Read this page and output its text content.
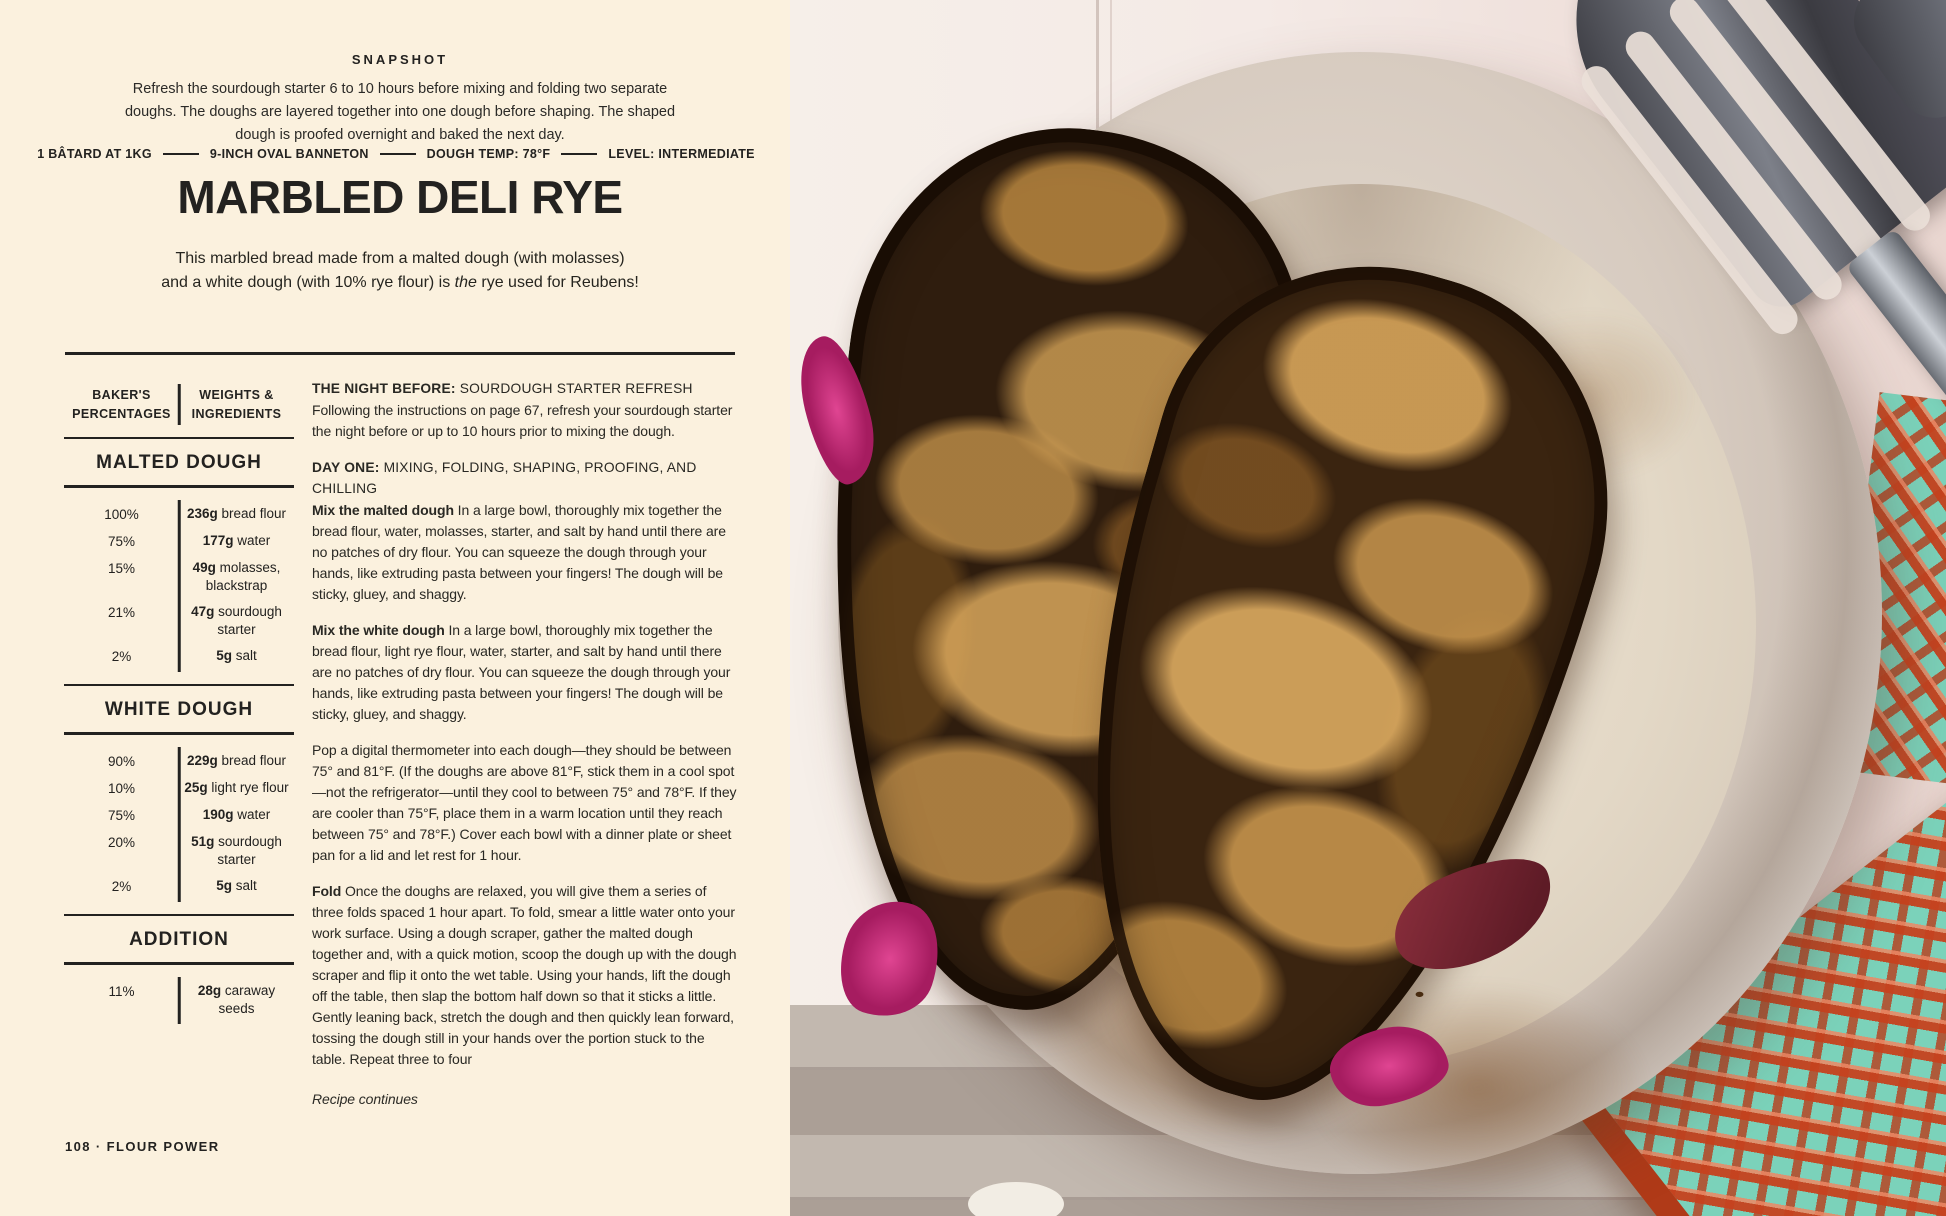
SNAPSHOT

Refresh the sourdough starter 6 to 10 hours before mixing and folding two separate doughs. The doughs are layered together into one dough before shaping. The shaped dough is proofed overnight and baked the next day.

1 BÂTARD AT 1KG	9-INCH OVAL BANNETON	DOUGH TEMP: 78°F	LEVEL: INTERMEDIATE
MARBLED DELI RYE

This marbled bread made from a malted dough (with molasses)
and a white dough (with 10% rye flour) is the rye used for Reubens!

BAKER'S PERCENTAGES
WEIGHTS & INGREDIENTS
MALTED DOUGH
100%	236g bread flour
75%	177g water
15%	49g molasses, blackstrap
21%	47g sourdough starter
2%	5g salt
WHITE DOUGH
90%	229g bread flour
10%	25g light rye flour
75%	190g water
20%	51g sourdough starter
2%	5g salt
ADDITION
11%	28g caraway seeds
THE NIGHT BEFORE: SOURDOUGH STARTER REFRESH
Following the instructions on page 67, refresh your sourdough starter the night before or up to 10 hours prior to mixing the dough.
DAY ONE: MIXING, FOLDING, SHAPING, PROOFING, AND CHILLING
Mix the malted dough In a large bowl, thoroughly mix together the bread flour, water, molasses, starter, and salt by hand until there are no patches of dry flour. You can squeeze the dough through your hands, like extruding pasta between your fingers! The dough will be sticky, gluey, and shaggy.
Mix the white dough In a large bowl, thoroughly mix together the bread flour, light rye flour, water, starter, and salt by hand until there are no patches of dry flour. You can squeeze the dough through your hands, like extruding pasta between your fingers! The dough will be sticky, gluey, and shaggy.
Pop a digital thermometer into each dough—they should be between 75° and 81°F. (If the doughs are above 81°F, stick them in a cool spot—not the refrigerator—until they cool to between 75° and 78°F. If they are cooler than 75°F, place them in a warm location until they reach between 75° and 78°F.) Cover each bowl with a dinner plate or sheet pan for a lid and let rest for 1 hour.
Fold Once the doughs are relaxed, you will give them a series of three folds spaced 1 hour apart. To fold, smear a little water onto your work surface. Using a dough scraper, gather the malted dough together and, with a quick motion, scoop the dough up with the dough scraper and flip it onto the wet table. Using your hands, lift the dough off the table, then slap the bottom half down so that it sticks a little. Gently leaning back, stretch the dough and then quickly lean forward, tossing the dough still in your hands over the portion stuck to the table. Repeat three to four
Recipe continues
108 · FLOUR POWER
